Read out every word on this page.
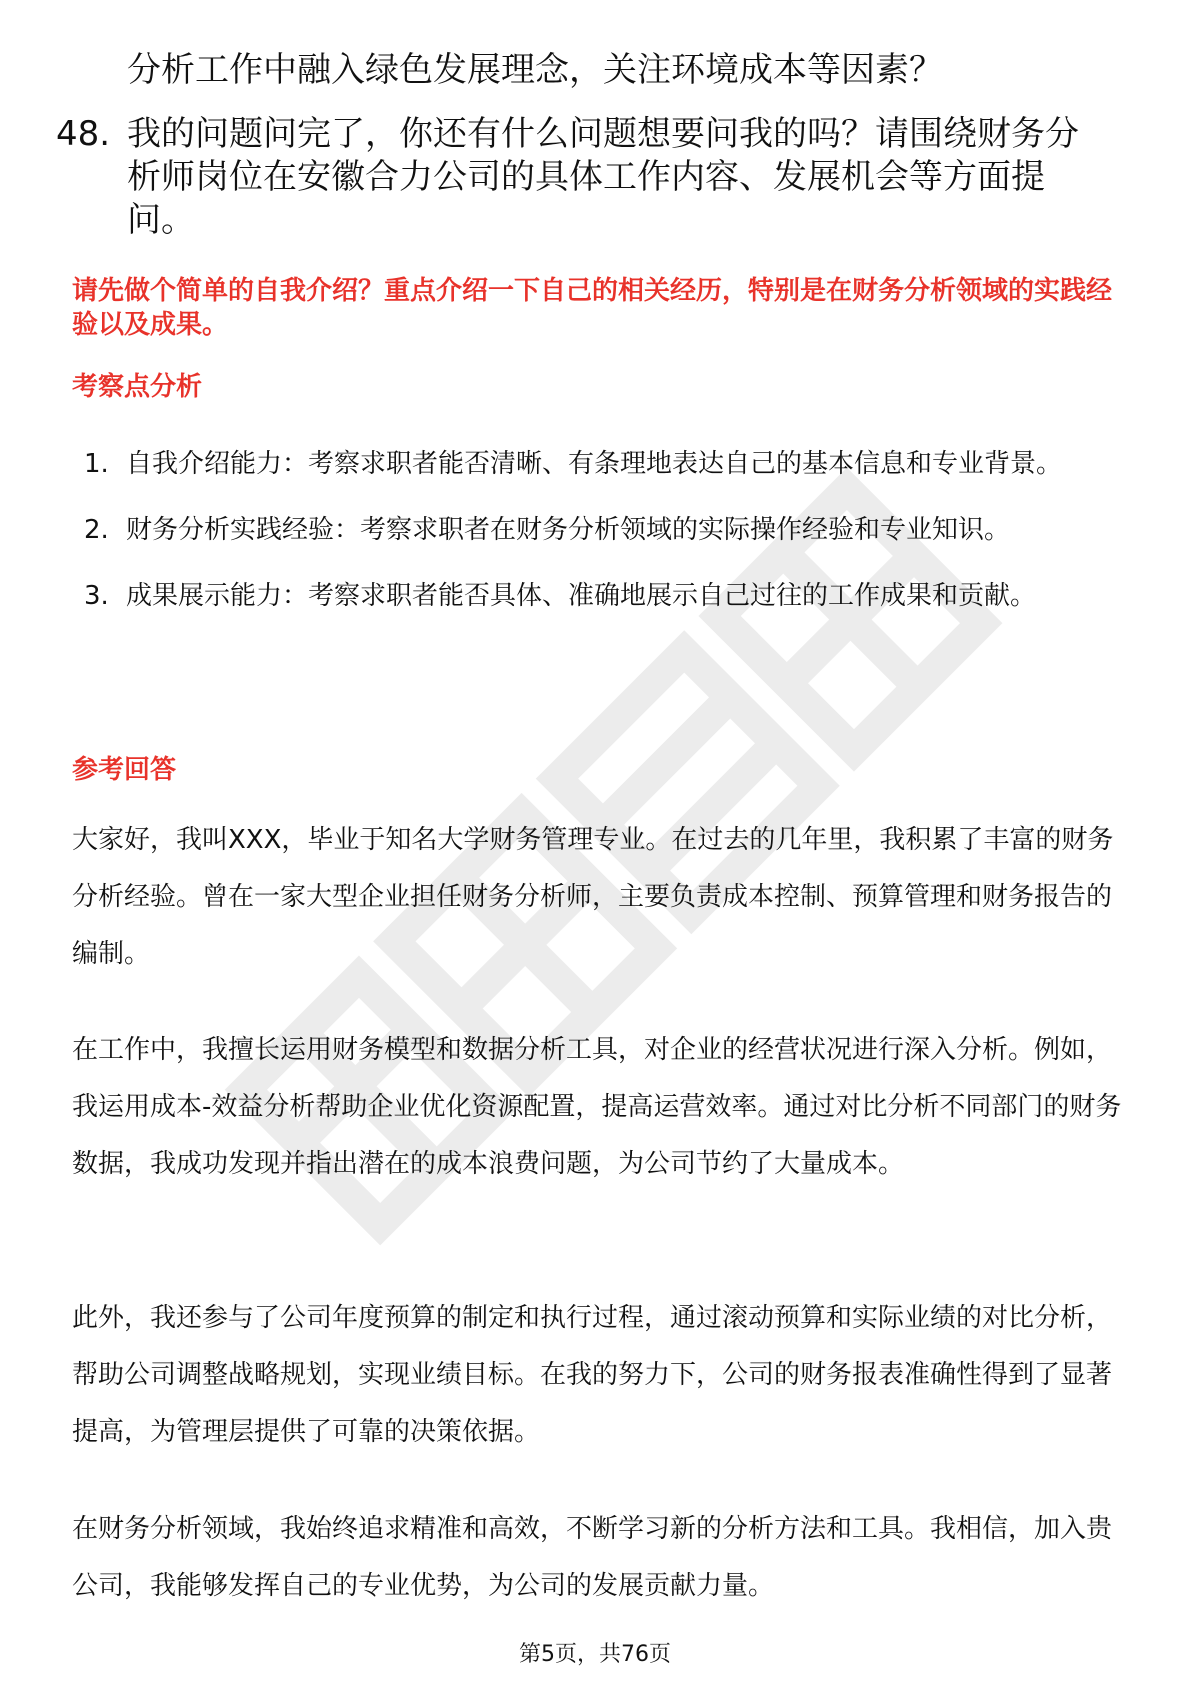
分析工作中融入绿色发展理念，关注环境成本等因素？
48. 我的问题问完了，你还有什么问题想要问我的吗？请围绕财务分析师岗位在安徽合力公司的具体工作内容、发展机会等方面提问。
请先做个简单的自我介绍？重点介绍一下自己的相关经历，特别是在财务分析领域的实践经验以及成果。
考察点分析
1. 自我介绍能力：考察求职者能否清晰、有条理地表达自己的基本信息和专业背景。
2. 财务分析实践经验：考察求职者在财务分析领域的实际操作经验和专业知识。
3. 成果展示能力：考察求职者能否具体、准确地展示自己过往的工作成果和贡献。
参考回答

大家好，我叫XXX，毕业于知名大学财务管理专业。在过去的几年里，我积累了丰富的财务分析经验。曾在一家大型企业担任财务分析师，主要负责成本控制、预算管理和财务报告的编制。

在工作中，我擅长运用财务模型和数据分析工具，对企业的经营状况进行深入分析。例如，我运用成本-效益分析帮助企业优化资源配置，提高运营效率。通过对比分析不同部门的财务数据，我成功发现并指出潜在的成本浪费问题，为公司节约了大量成本。

此外，我还参与了公司年度预算的制定和执行过程，通过滚动预算和实际业绩的对比分析，帮助公司调整战略规划，实现业绩目标。在我的努力下，公司的财务报表准确性得到了显著提高，为管理层提供了可靠的决策依据。

在财务分析领域，我始终追求精准和高效，不断学习新的分析方法和工具。我相信，加入贵公司，我能够发挥自己的专业优势，为公司的发展贡献力量。

第5页，共76页
